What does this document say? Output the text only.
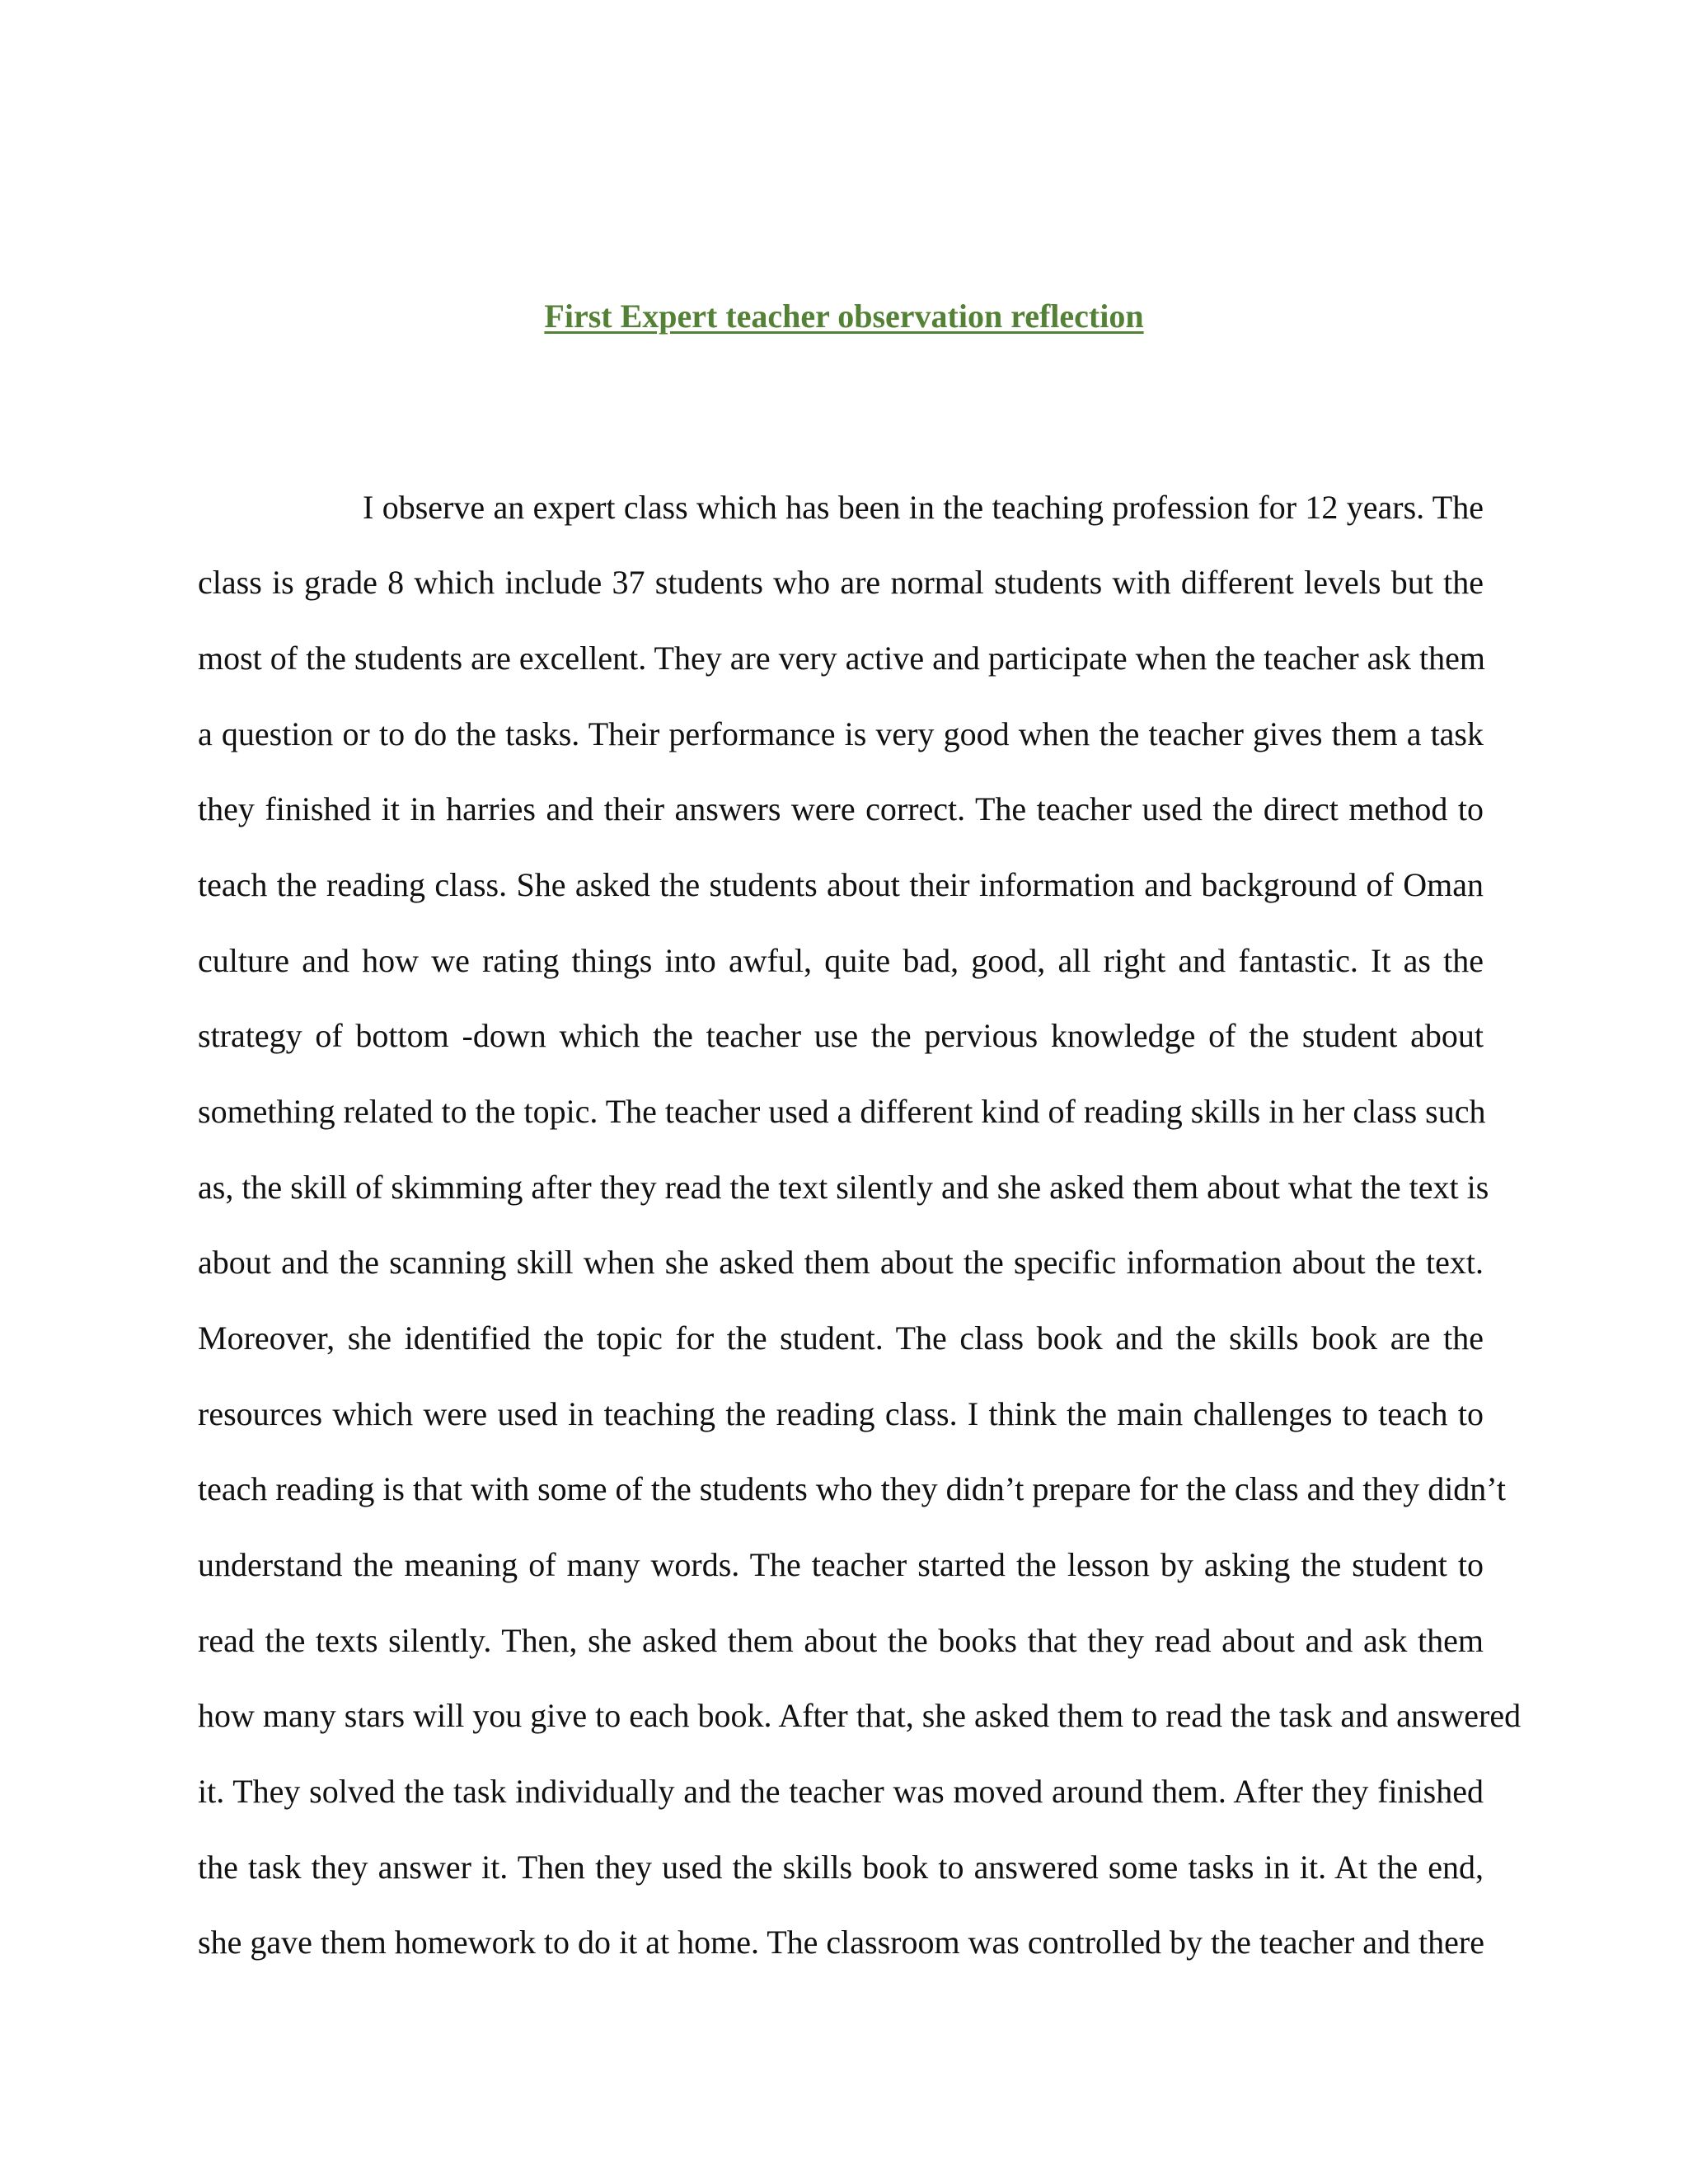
First Expert teacher observation reflection

I observe an expert class which has been in the teaching profession for 12 years. The

class is grade 8 which include 37 students who are normal students with different levels but the

most of the students are excellent. They are very active and participate when the teacher ask them

a question or to do the tasks. Their performance is very good when the teacher gives them a task

they finished it in harries and their answers were correct. The teacher used the direct method to

teach the reading class. She asked the students about their information and background of Oman

culture and how we rating things into awful, quite bad, good, all right and fantastic. It as the

strategy of bottom -down which the teacher use the pervious knowledge of the student about

something related to the topic. The teacher used a different kind of reading skills in her class such

as, the skill of skimming after they read the text silently and she asked them about what the text is

about and the scanning skill when she asked them about the specific information about the text.

Moreover, she identified the topic for the student. The class book and the skills book are the

resources which were used in teaching the reading class. I think the main challenges to teach to

teach reading is that with some of the students who they didn’t prepare for the class and they didn’t

understand the meaning of many words. The teacher started the lesson by asking the student to

read the texts silently. Then, she asked them about the books that they read about and ask them

how many stars will you give to each book. After that, she asked them to read the task and answered

it. They solved the task individually and the teacher was moved around them. After they finished

the task they answer it. Then they used the skills book to answered some tasks in it. At the end,

she gave them homework to do it at home. The classroom was controlled by the teacher and there
